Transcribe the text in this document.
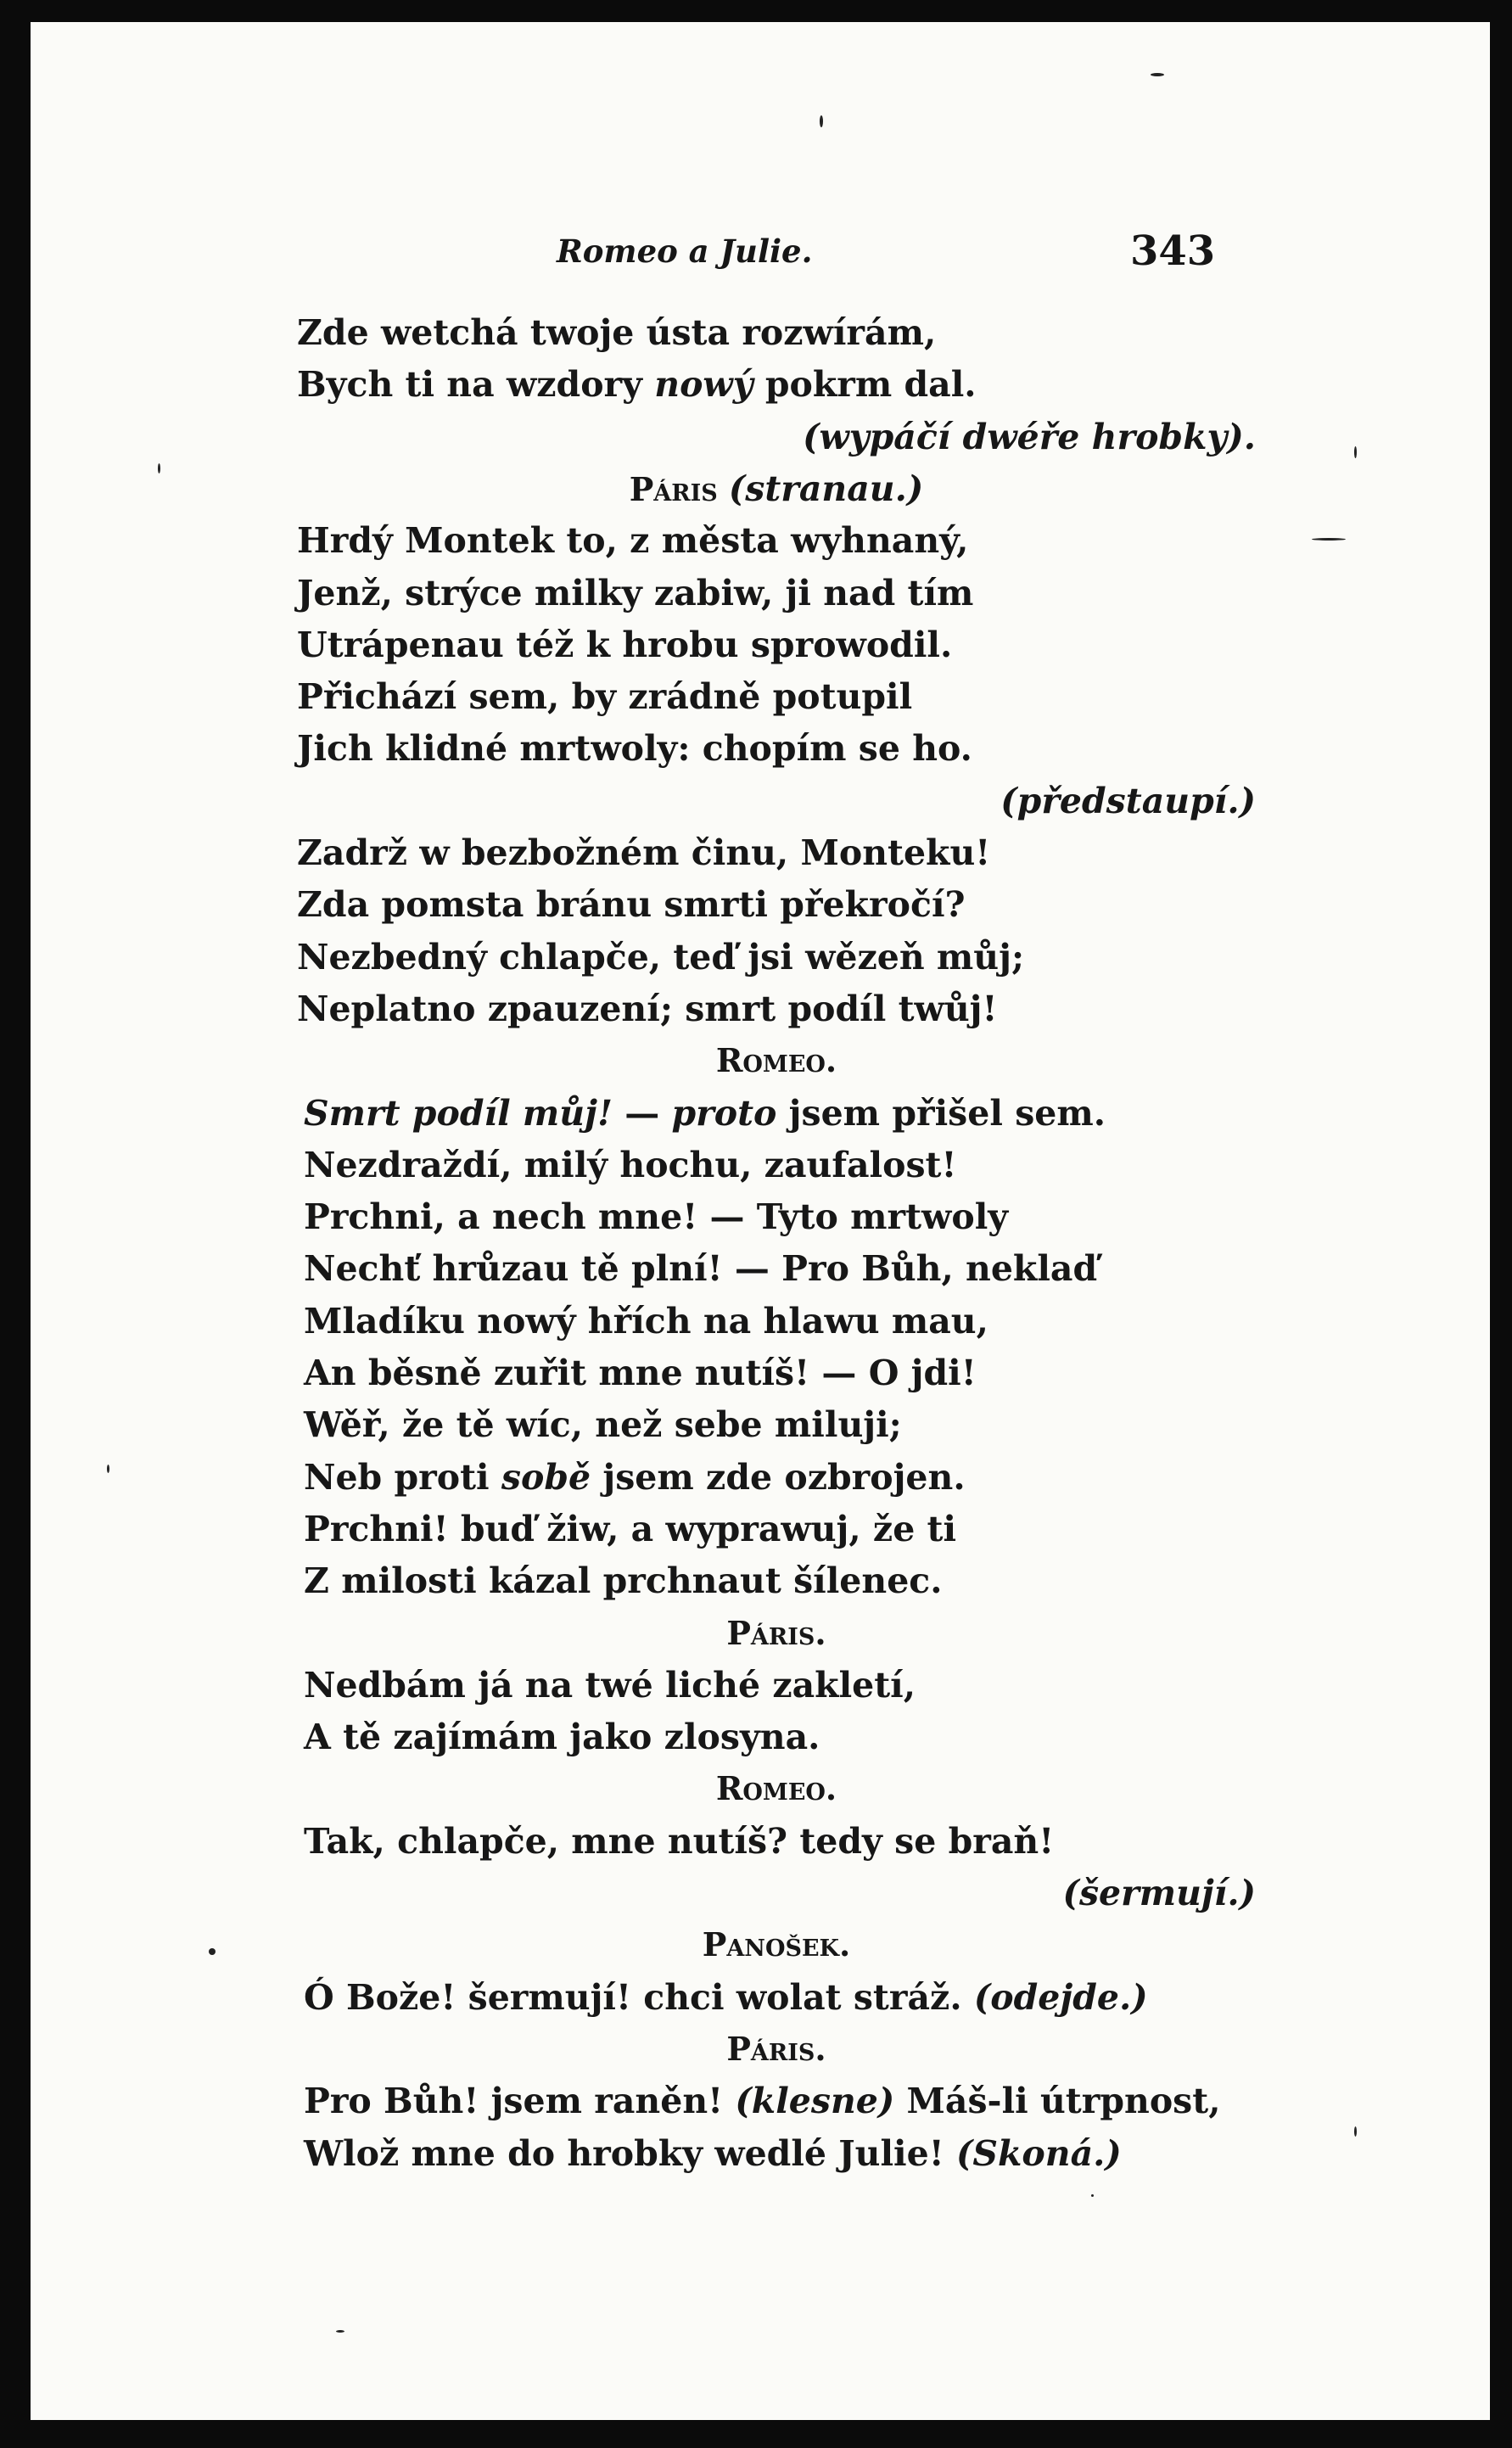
Romeo a Julie.	343
Zde wetchá twoje ústa rozwírám,
Bych ti na wzdory nowý pokrm dal.
(wypáčí dwéře hrobky).
Páris (stranau.)
Hrdý Montek to, z města wyhnaný,
Jenž, strýce milky zabiw, ji nad tím
Utrápenau též k hrobu sprowodil.
Přichází sem, by zrádně potupil
Jich klidné mrtwoly: chopím se ho.
(předstaupí.)
Zadrž w bezbožném činu, Monteku!
Zda pomsta bránu smrti překročí?
Nezbedný chlapče, teď jsi wězeň můj;
Neplatno zpauzení; smrt podíl twůj!
Romeo.
Smrt podíl můj! — proto jsem přišel sem.
Nezdraždí, milý hochu, zaufalost!
Prchni, a nech mne! — Tyto mrtwoly
Nechť hrůzau tě plní! — Pro Bůh, neklaď
Mladíku nowý hřích na hlawu mau,
An běsně zuřit mne nutíš! — O jdi!
Wěř, že tě wíc, než sebe miluji;
Neb proti sobě jsem zde ozbrojen.
Prchni! buď žiw, a wyprawuj, že ti
Z milosti kázal prchnaut šílenec.
Páris.
Nedbám já na twé liché zakletí,
A tě zajímám jako zlosyna.
Romeo.
Tak, chlapče, mne nutíš? tedy se braň!
(šermují.)
Panošek.
Ó Bože! šermují! chci wolat stráž. (odejde.)
Páris.
Pro Bůh! jsem raněn! (klesne) Máš-li útrpnost,
Wlož mne do hrobky wedlé Julie! (Skoná.)
